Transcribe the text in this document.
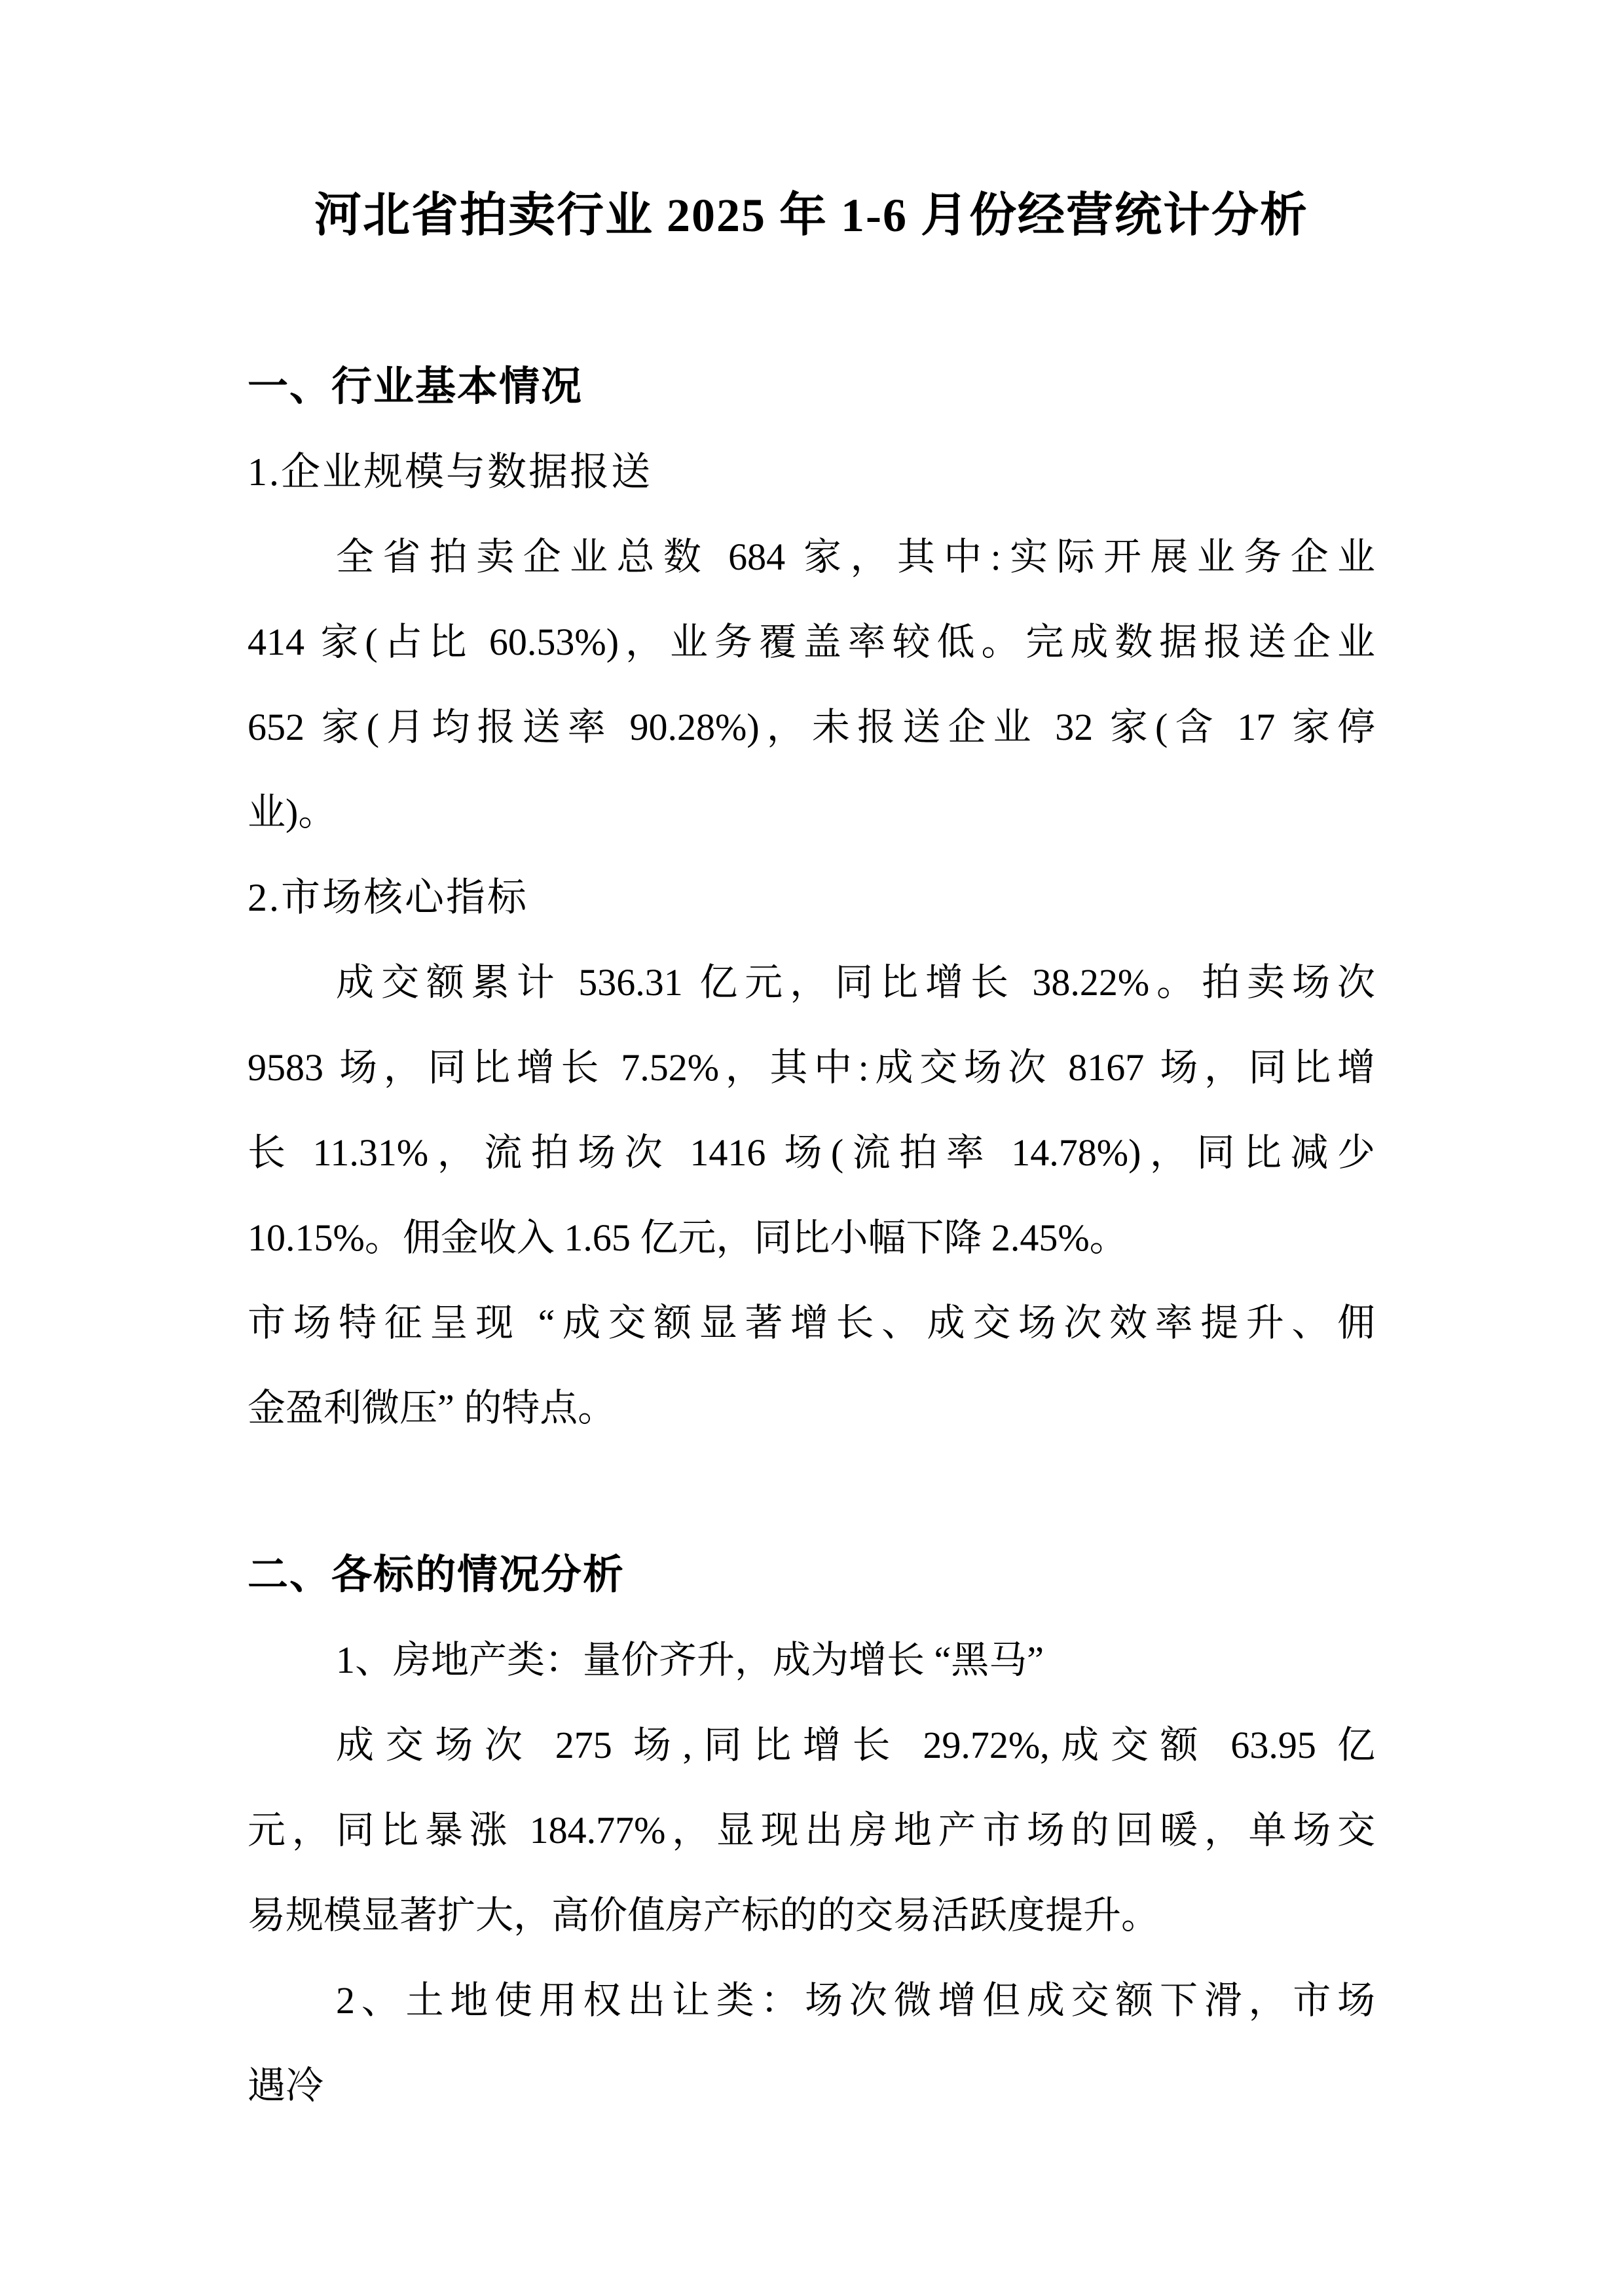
河北省拍卖行业 2025 年 1-6 月份经营统计分析
一、行业基本情况
1.企业规模与数据报送
全省拍卖企业总数 684 家，其中:实际开展业务企业
414 家(占比 60.53%)，业务覆盖率较低。完成数据报送企业
652 家(月均报送率 90.28%)，未报送企业 32 家(含 17 家停
业)。
2.市场核心指标
成交额累计 536.31 亿元，同比增长 38.22%。拍卖场次
9583 场，同比增长 7.52%，其中:成交场次 8167 场，同比增
长 11.31%，流拍场次 1416 场(流拍率 14.78%)，同比减少
10.15%。佣金收入 1.65 亿元，同比小幅下降 2.45%。
市场特征呈现 “成交额显著增长、成交场次效率提升、佣
金盈利微压” 的特点。
二、各标的情况分析
1、房地产类：量价齐升，成为增长 “黑马”
成交场次 275 场,同比增长 29.72%,成交额 63.95 亿
元，同比暴涨 184.77%，显现出房地产市场的回暖，单场交
易规模显著扩大，高价值房产标的的交易活跃度提升。
2、土地使用权出让类：场次微增但成交额下滑，市场
遇冷
